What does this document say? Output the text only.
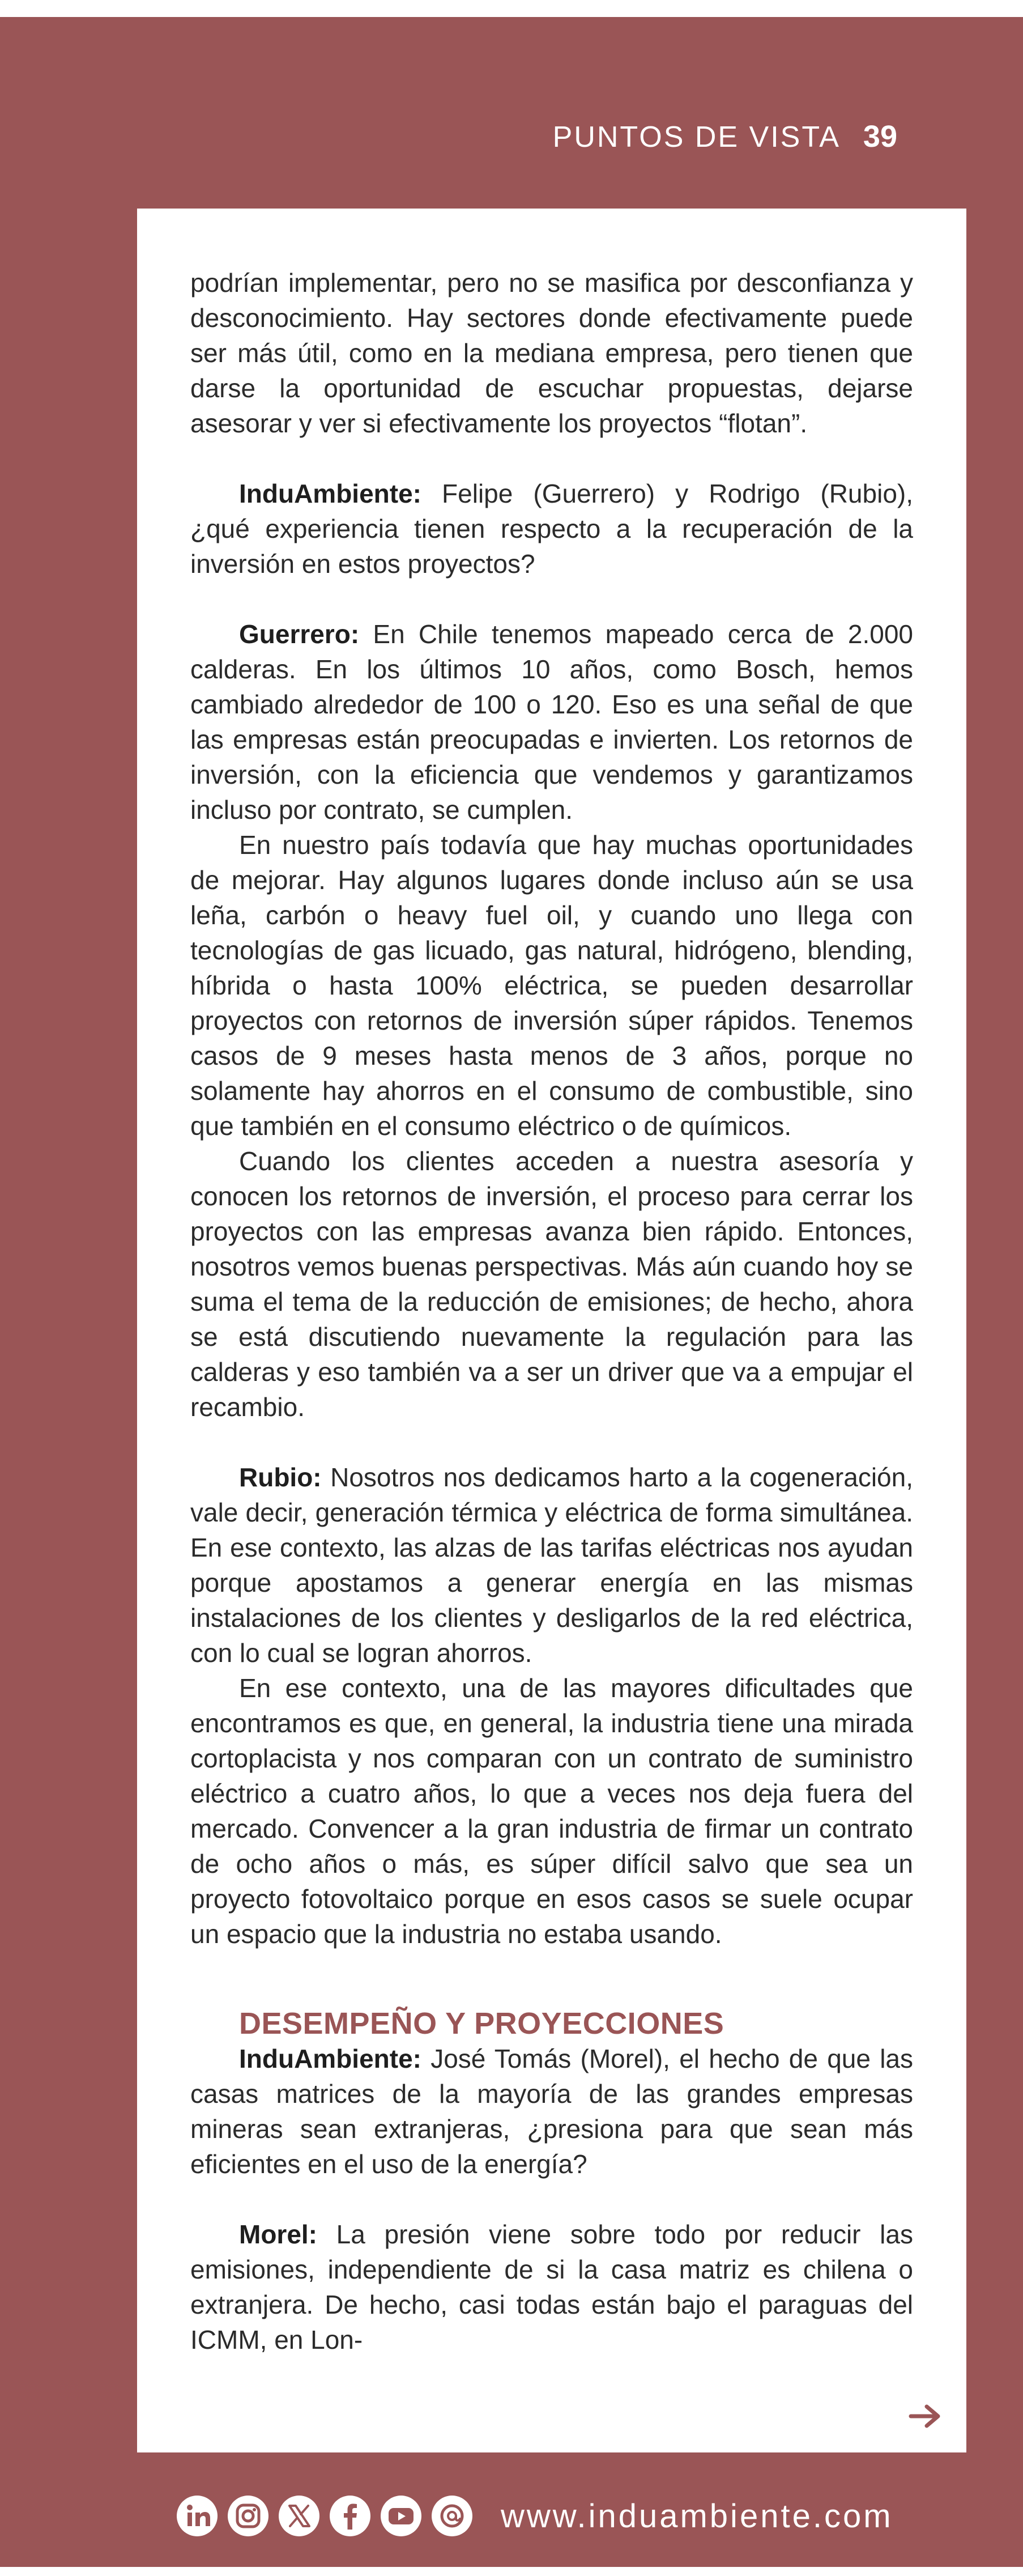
PUNTOS DE VISTA 39

podrían implementar, pero no se masifica por desconfianza y desconocimiento. Hay sectores donde efectivamente puede ser más útil, como en la mediana empresa, pero tienen que darse la oportunidad de escuchar propuestas, dejarse asesorar y ver si efectivamente los proyectos “flotan”.

InduAmbiente: Felipe (Guerrero) y Rodrigo (Rubio), ¿qué experiencia tienen respecto a la recuperación de la inversión en estos proyectos?

Guerrero: En Chile tenemos mapeado cerca de 2.000 calderas. En los últimos 10 años, como Bosch, hemos cambiado alrededor de 100 o 120. Eso es una señal de que las empresas están preocupadas e invierten. Los retornos de inversión, con la eficiencia que vendemos y garantizamos incluso por contrato, se cumplen.

En nuestro país todavía que hay muchas oportunidades de mejorar. Hay algunos lugares donde incluso aún se usa leña, carbón o heavy fuel oil, y cuando uno llega con tecnologías de gas licuado, gas natural, hidrógeno, blending, híbrida o hasta 100% eléctrica, se pueden desarrollar proyectos con retornos de inversión súper rápidos. Tenemos casos de 9 meses hasta menos de 3 años, porque no solamente hay ahorros en el consumo de combustible, sino que también en el consumo eléctrico o de químicos.

Cuando los clientes acceden a nuestra asesoría y conocen los retornos de inversión, el proceso para cerrar los proyectos con las empresas avanza bien rápido. Entonces, nosotros vemos buenas perspectivas. Más aún cuando hoy se suma el tema de la reducción de emisiones; de hecho, ahora se está discutiendo nuevamente la regulación para las calderas y eso también va a ser un driver que va a empujar el recambio.

Rubio: Nosotros nos dedicamos harto a la cogeneración, vale decir, generación térmica y eléctrica de forma simultánea. En ese contexto, las alzas de las tarifas eléctricas nos ayudan porque apostamos a generar energía en las mismas instalaciones de los clientes y desligarlos de la red eléctrica, con lo cual se logran ahorros.

En ese contexto, una de las mayores dificultades que encontramos es que, en general, la industria tiene una mirada cortoplacista y nos comparan con un contrato de suministro eléctrico a cuatro años, lo que a veces nos deja fuera del mercado. Convencer a la gran industria de firmar un contrato de ocho años o más, es súper difícil salvo que sea un proyecto fotovoltaico porque en esos casos se suele ocupar un espacio que la industria no estaba usando.

DESEMPEÑO Y PROYECCIONES

InduAmbiente: José Tomás (Morel), el hecho de que las casas matrices de la mayoría de las grandes empresas mineras sean extranjeras, ¿presiona para que sean más eficientes en el uso de la energía?

Morel: La presión viene sobre todo por reducir las emisiones, independiente de si la casa matriz es chilena o extranjera. De hecho, casi todas están bajo el paraguas del ICMM, en Lon-

www.induambiente.com
